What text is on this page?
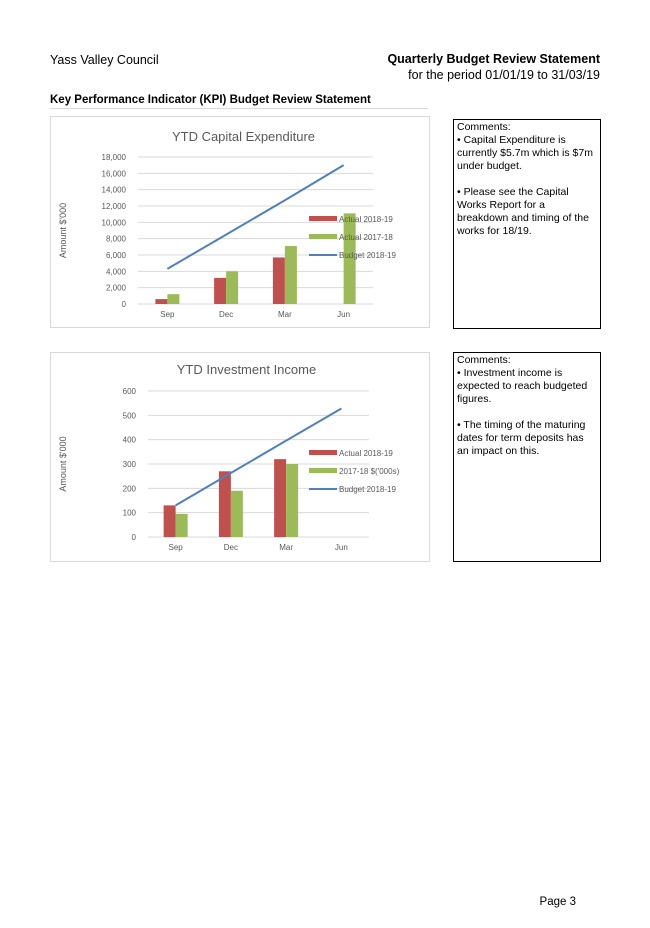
Yass Valley Council	Quarterly Budget Review Statement
for the period 01/01/19 to 31/03/19
Key Performance Indicator (KPI) Budget Review Statement
YTD Capital Expenditure
Amount $'000
0
2,000
4,000
6,000
8,000
10,000
12,000
14,000
16,000
18,000
Sep	Dec	Mar	Jun
Actual 2018-19
Actual 2017-18
Budget 2018-19

Comments:

• Capital Expenditure is currently $5.7m which is $7m under budget.

• Please see the Capital Works Report for a breakdown and timing of the works for 18/19.

YTD Investment Income
Amount $'000
0
100
200
300
400
500
600
Sep	Dec	Mar	Jun
Actual 2018-19
2017-18 $('000s)
Budget 2018-19

Comments:

• Investment income is expected to reach budgeted figures.

• The timing of the maturing dates for term deposits has an impact on this.

Page 3
